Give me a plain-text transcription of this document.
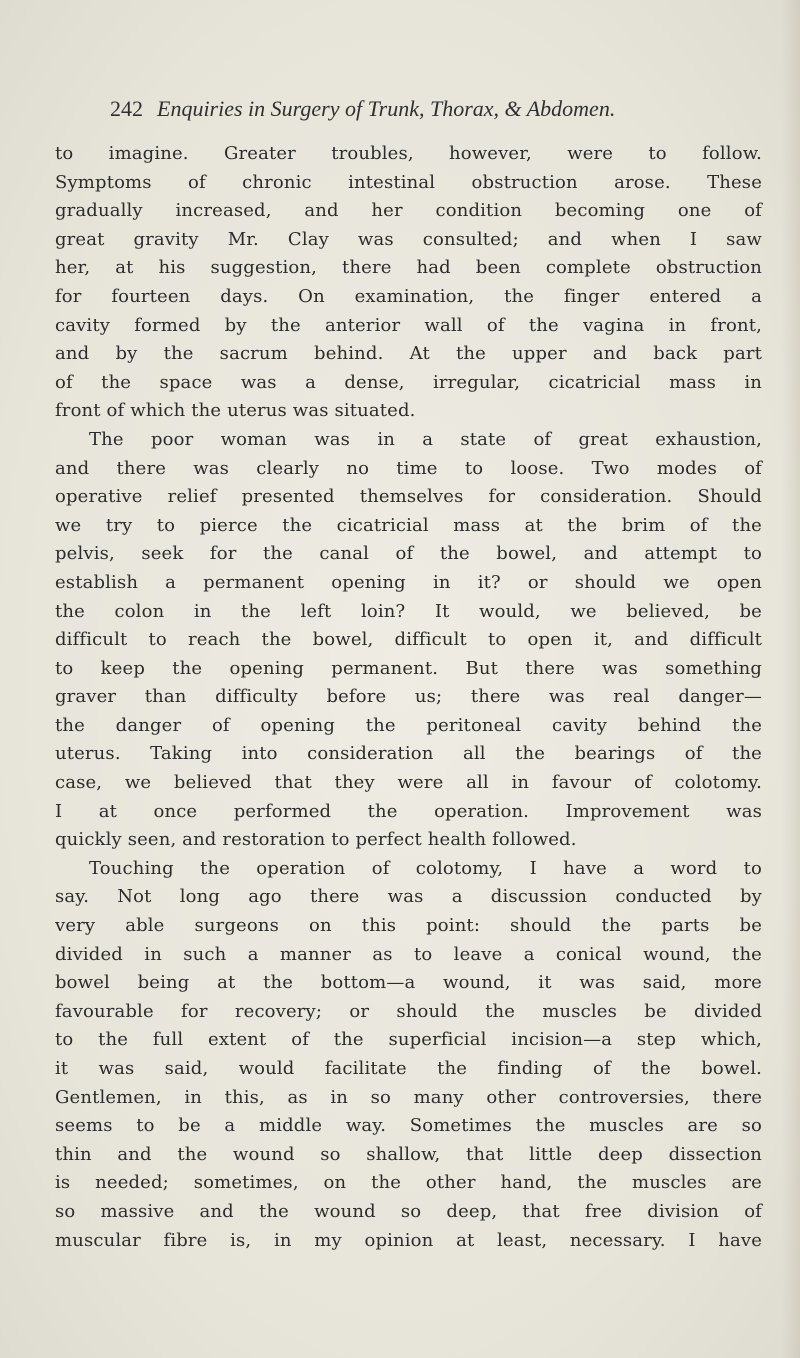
242 Enquiries in Surgery of Trunk, Thorax, & Abdomen.
to imagine. Greater troubles, however, were to follow.
Symptoms of chronic intestinal obstruction arose. These
gradually increased, and her condition becoming one of
great gravity Mr. Clay was consulted; and when I saw
her, at his suggestion, there had been complete obstruction
for fourteen days. On examination, the finger entered a
cavity formed by the anterior wall of the vagina in front,
and by the sacrum behind. At the upper and back part
of the space was a dense, irregular, cicatricial mass in
front of which the uterus was situated.
The poor woman was in a state of great exhaustion,
and there was clearly no time to loose. Two modes of
operative relief presented themselves for consideration. Should
we try to pierce the cicatricial mass at the brim of the
pelvis, seek for the canal of the bowel, and attempt to
establish a permanent opening in it? or should we open
the colon in the left loin? It would, we believed, be
difficult to reach the bowel, difficult to open it, and difficult
to keep the opening permanent. But there was something
graver than difficulty before us; there was real danger—
the danger of opening the peritoneal cavity behind the
uterus. Taking into consideration all the bearings of the
case, we believed that they were all in favour of colotomy.
I at once performed the operation. Improvement was
quickly seen, and restoration to perfect health followed.
Touching the operation of colotomy, I have a word to
say. Not long ago there was a discussion conducted by
very able surgeons on this point: should the parts be
divided in such a manner as to leave a conical wound, the
bowel being at the bottom—a wound, it was said, more
favourable for recovery; or should the muscles be divided
to the full extent of the superficial incision—a step which,
it was said, would facilitate the finding of the bowel.
Gentlemen, in this, as in so many other controversies, there
seems to be a middle way. Sometimes the muscles are so
thin and the wound so shallow, that little deep dissection
is needed; sometimes, on the other hand, the muscles are
so massive and the wound so deep, that free division of
muscular fibre is, in my opinion at least, necessary. I have
